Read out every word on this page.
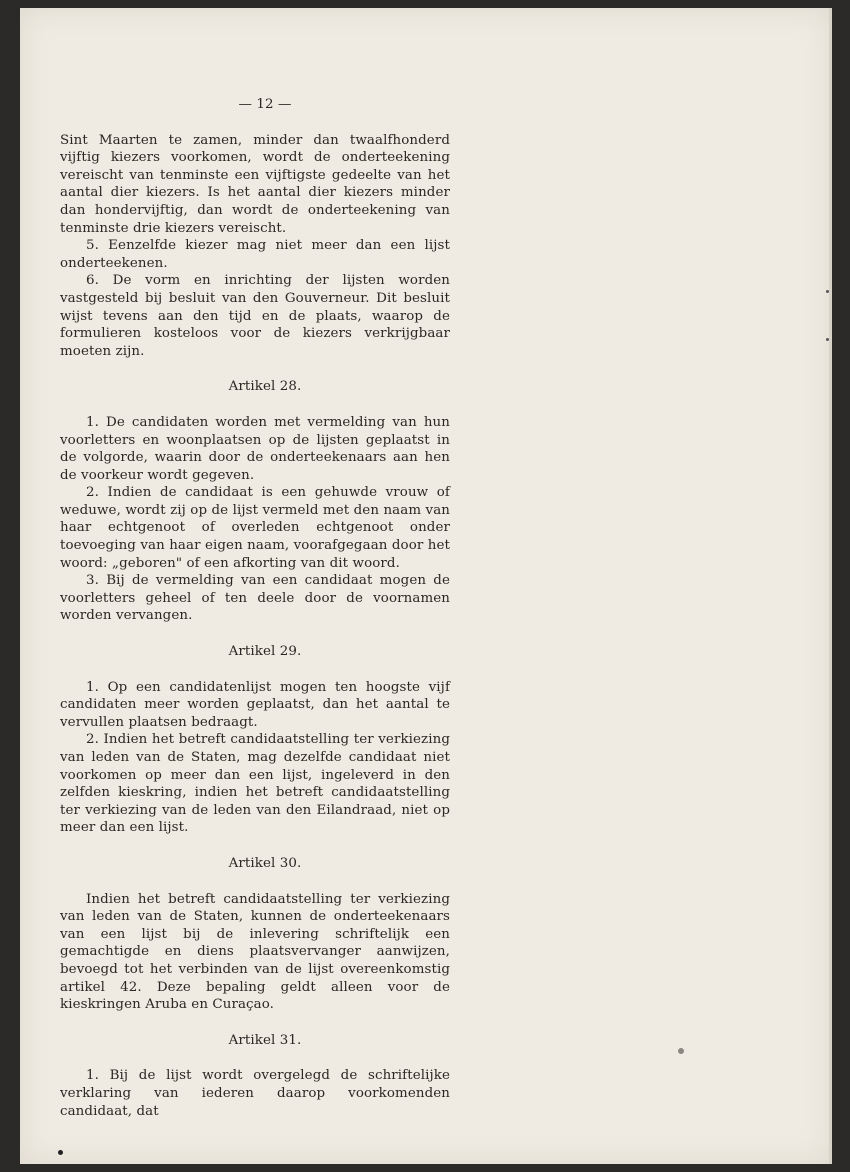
— 12 —

Sint Maarten te zamen, minder dan twaalfhonderd vijftig kiezers voorkomen, wordt de onderteekening vereischt van tenminste een vijftigste gedeelte van het aantal dier kiezers. Is het aantal dier kiezers minder dan hondervijftig, dan wordt de onderteekening van tenminste drie kiezers vereischt.

5. Eenzelfde kiezer mag niet meer dan een lijst onderteekenen.

6. De vorm en inrichting der lijsten worden vastgesteld bij besluit van den Gouverneur. Dit besluit wijst tevens aan den tijd en de plaats, waarop de formulieren kosteloos voor de kiezers verkrijgbaar moeten zijn.

Artikel 28.

1. De candidaten worden met vermelding van hun voorletters en woonplaatsen op de lijsten geplaatst in de volgorde, waarin door de onderteekenaars aan hen de voorkeur wordt gegeven.

2. Indien de candidaat is een gehuwde vrouw of weduwe, wordt zij op de lijst vermeld met den naam van haar echtgenoot of overleden echtgenoot onder toevoeging van haar eigen naam, voorafgegaan door het woord: „geboren" of een afkorting van dit woord.

3. Bij de vermelding van een candidaat mogen de voorletters geheel of ten deele door de voornamen worden vervangen.

Artikel 29.

1. Op een candidatenlijst mogen ten hoogste vijf candidaten meer worden geplaatst, dan het aantal te vervullen plaatsen bedraagt.

2. Indien het betreft candidaatstelling ter verkiezing van leden van de Staten, mag dezelfde candidaat niet voorkomen op meer dan een lijst, ingeleverd in den zelfden kieskring, indien het betreft candidaatstelling ter verkiezing van de leden van den Eilandraad, niet op meer dan een lijst.

Artikel 30.

Indien het betreft candidaatstelling ter verkiezing van leden van de Staten, kunnen de onderteekenaars van een lijst bij de inlevering schriftelijk een gemachtigde en diens plaatsvervanger aanwijzen, bevoegd tot het verbinden van de lijst overeenkomstig artikel 42. Deze bepaling geldt alleen voor de kieskringen Aruba en Curaçao.

Artikel 31.

1. Bij de lijst wordt overgelegd de schriftelijke verklaring van iederen daarop voorkomenden candidaat, dat
